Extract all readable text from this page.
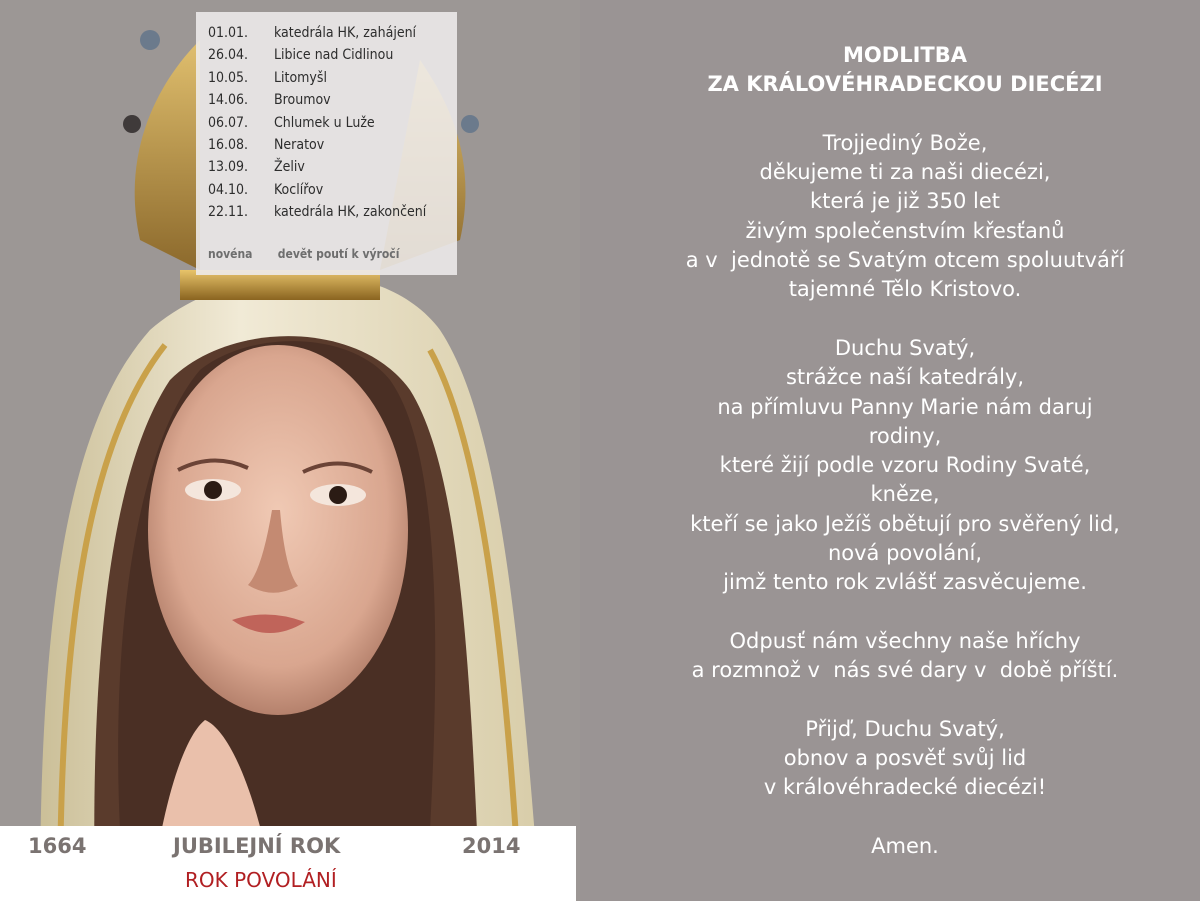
01.01. katedrála HK, zahájení
26.04. Libice nad Cidlinou
10.05. Litomyšl
14.06. Broumov
06.07. Chlumek u Luže
16.08. Neratov
13.09. Želiv
04.10. Koclířov
22.11. katedrála HK, zakončení
novéna devět poutí k výročí
1664	JUBILEJNÍ ROK	2014
ROK POVOLÁNÍ
MODLITBA
ZA KRÁLOVÉHRADECKOU DIECÉZI
Trojjediný Bože,
děkujeme ti za naši diecézi,
která je již 350 let
živým společenstvím křesťanů
a v  jednotě se Svatým otcem spoluutváří
tajemné Tělo Kristovo.
Duchu Svatý,
strážce naší katedrály,
na přímluvu Panny Marie nám daruj
rodiny,
které žijí podle vzoru Rodiny Svaté,
kněze,
kteří se jako Ježíš obětují pro svěřený lid,
nová povolání,
jimž tento rok zvlášť zasvěcujeme.
Odpusť nám všechny naše hříchy
a rozmnož v  nás své dary v  době příští.
Přijď, Duchu Svatý,
obnov a posvěť svůj lid
v královéhradecké diecézi!
Amen.
